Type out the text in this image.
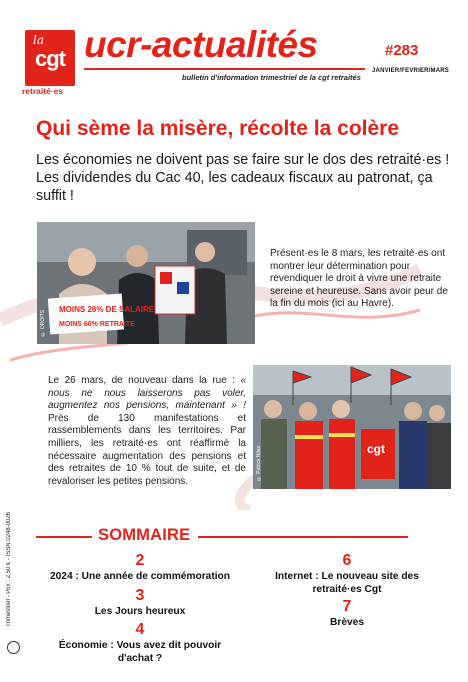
la
cgt
retraité·es
ucr-actualités
bulletin d'information trimestriel de la cgt retraités
#283
JANVIER/FEVRIER/MARS
Qui sème la misère, récolte la colère
Les économies ne doivent pas se faire sur le dos des retraité·es ! Les dividendes du Cac 40, les cadeaux fiscaux au patronat, ça suffit !
MOINS 26% DE SALAIRE
MOINS 60% RETRAITE
© DROITS
Présent·es le 8 mars, les retraité·es ont montrer leur détermination pour revendiquer le droit à vivre une retraite sereine et heureuse. Sans avoir peur de la fin du mois (ici au Havre).
cgt
© Patrick Nilas
Le 26 mars, de nouveau dans la rue : « nous ne nous laisserons pas voler, augmentez nos pensions, maintenant » ! Près de 130 manifestations et rassemblements dans les territoires. Par milliers, les retraité·es ont réaffirmé la nécessaire augmentation des pensions et des retraites de 10 % tout de suite, et de revaloriser les petites pensions.
SOMMAIRE
2
2024 : Une année de commémoration
3
Les Jours heureux
4
Économie : Vous avez dit pouvoir d'achat ?
6
Internet : Le nouveau site des retraité·es Cgt
7
Brèves
Trimestriel - Prix : 2,50 € - ISSN 0248-0026
